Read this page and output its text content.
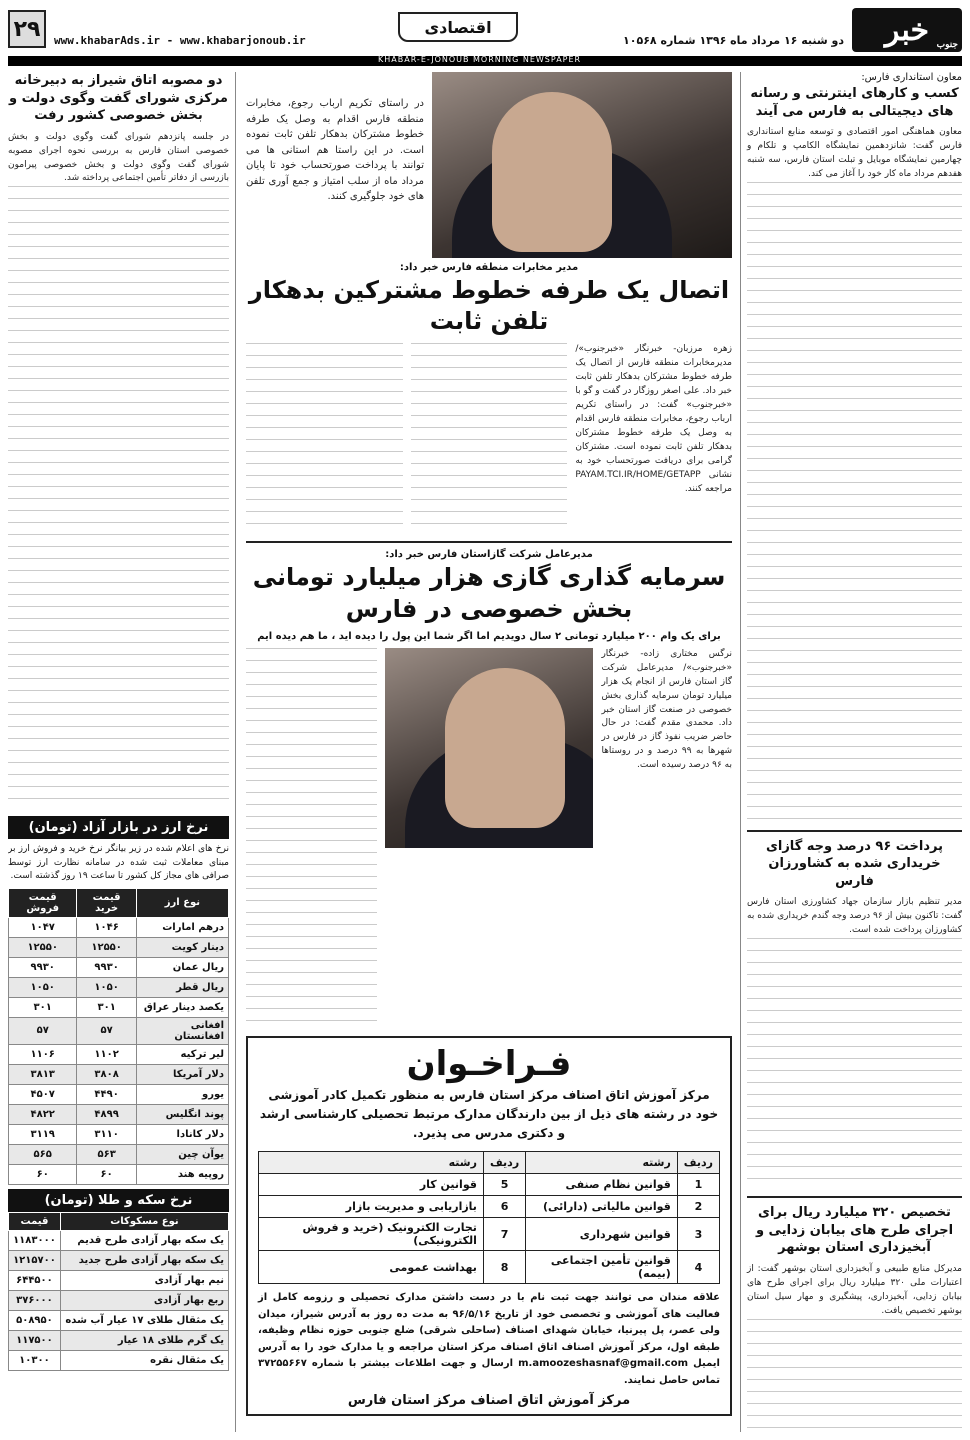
۲۹	www.khabarAds.ir - www.khabarjonoub.ir
اقتصادی
دو شنبه ۱۶ مرداد ماه ۱۳۹۶ شماره ۱۰۵۶۸ خبر جنوب
KHABAR-E-JONOUB MORNING NEWSPAPER
معاون استانداری فارس:
کسب و کارهای اینترنتی و رسانه های دیجیتالی به فارس می آیند
معاون هماهنگی امور اقتصادی و توسعه منابع استانداری فارس گفت: شانزدهمین نمایشگاه الکامپ و تلکام و چهارمین نمایشگاه موبایل و تبلت استان فارس، سه شنبه هفدهم مرداد ماه کار خود را آغاز می کند.
پرداخت ۹۶ درصد وجه گازای خریداری شده به کشاورزان فارس
مدیر تنظیم بازار سازمان جهاد کشاورزی استان فارس گفت: تاکنون بیش از ۹۶ درصد وجه گندم خریداری شده به کشاورزان پرداخت شده است.
تخصیص ۳۲۰ میلیارد ریال برای اجرای طرح های بیابان زدایی و آبخیزداری استان بوشهر
مدیرکل منابع طبیعی و آبخیزداری استان بوشهر گفت: از اعتبارات ملی ۳۲۰ میلیارد ریال برای اجرای طرح های بیابان زدایی، آبخیزداری، پیشگیری و مهار سیل استان بوشهر تخصیص یافت.
دو مصوبه اتاق شیراز به دبیرخانه مرکزی شورای گفت وگوی دولت و بخش خصوصی کشور رفت
در جلسه پانزدهم شورای گفت وگوی دولت و بخش خصوصی استان فارس به بررسی نحوه اجرای مصوبه شورای گفت وگوی دولت و بخش خصوصی پیرامون بازرسی از دفاتر تأمین اجتماعی پرداخته شد.
نرخ ارز در بازار آزاد (تومان)
نرخ های اعلام شده در زیر بیانگر نرخ خرید و فروش ارز بر مبنای معاملات ثبت شده در سامانه نظارت ارز توسط صرافی های مجاز کل کشور تا ساعت ۱۹ روز گذشته است.
نوع ارز	قیمت خرید	قیمت فروش
درهم امارات	۱۰۴۶	۱۰۴۷
دینار کویت	۱۲۵۵۰	۱۲۵۵۰
ریال عمان	۹۹۳۰	۹۹۳۰
ریال قطر	۱۰۵۰	۱۰۵۰
یکصد دینار عراق	۳۰۱	۳۰۱
افغانی افغانستان	۵۷	۵۷
لیر ترکیه	۱۱۰۲	۱۱۰۶
دلار آمریکا	۳۸۰۸	۳۸۱۳
یورو	۴۴۹۰	۴۵۰۷
پوند انگلیس	۴۸۹۹	۴۸۲۲
دلار کانادا	۳۱۱۰	۳۱۱۹
یوآن چین	۵۶۳	۵۶۵
روپیه هند	۶۰	۶۰
نرخ سکه و طلا (تومان)
نوع مسکوکات	قیمت
یک سکه بهار آزادی طرح قدیم	۱۱۸۳۰۰۰
یک سکه بهار آزادی طرح جدید	۱۲۱۵۷۰۰
نیم بهار آزادی	۶۴۴۵۰۰
ربع بهار آزادی	۳۷۶۰۰۰
یک مثقال طلای ۱۷ عیار آب شده	۵۰۸۹۵۰
یک گرم طلای ۱۸ عیار	۱۱۷۵۰۰
یک مثقال نقره	۱۰۳۰۰
در راستای تکریم ارباب رجوع، مخابرات منطقه فارس اقدام به وصل یک طرفه خطوط مشترکان بدهکار تلفن ثابت نموده است. در این راستا هم استانی ها می توانند با پرداخت صورتحساب خود تا پایان مرداد ماه از سلب امتیاز و جمع آوری تلفن های خود جلوگیری کنند.
مدیر مخابرات منطقه فارس خبر داد:
اتصال یک طرفه خطوط مشترکین بدهکار تلفن ثابت
زهره مرزبان- خبرنگار «خبرجنوب»/ مدیرمخابرات منطقه فارس از اتصال یک طرفه خطوط مشترکان بدهکار تلفن ثابت خبر داد. علی اصغر روزگار در گفت و گو با «خبرجنوب» گفت: در راستای تکریم ارباب رجوع، مخابرات منطقه فارس اقدام به وصل یک طرفه خطوط مشترکان بدهکار تلفن ثابت نموده است. مشترکان گرامی برای دریافت صورتحساب خود به نشانی PAYAM.TCI.IR/HOME/GETAPP مراجعه کنند.
مدیرعامل شرکت گازاستان فارس خبر داد:
سرمایه گذاری گازی هزار میلیارد تومانی بخش خصوصی در فارس
برای یک وام ۲۰۰ میلیارد تومانی ۲ سال دویدیم اما اگر شما این پول را دیده اید ، ما هم دیده ایم
نرگس مختاری زاده- خبرنگار «خبرجنوب»/ مدیرعامل شرکت گاز استان فارس از انجام یک هزار میلیارد تومان سرمایه گذاری بخش خصوصی در صنعت گاز استان خبر داد. محمدی مقدم گفت: در حال حاضر ضریب نفوذ گاز در فارس در شهرها به ۹۹ درصد و در روستاها به ۹۶ درصد رسیده است.
فـراخـوان
مرکز آموزش اتاق اصناف مرکز استان فارس به منظور تکمیل کادر آموزشی خود در رشته های ذیل از بین دارندگان مدارک مرتبط تحصیلی کارشناسی ارشد و دکتری مدرس می پذیرد.
ردیف	رشته	ردیف	رشته
1	قوانین نظام صنفی	5	قوانین کار
2	قوانین مالیاتی (دارائی)	6	بازاریابی و مدیریت بازار
3	قوانین شهرداری	7	تجارت الکترونیک (خرید و فروش الکترونیکی)
4	قوانین تأمین اجتماعی (بیمه)	8	بهداشت عمومی
علاقه مندان می توانند جهت ثبت نام با در دست داشتن مدارک تحصیلی و رزومه کامل از فعالیت های آموزشی و تخصصی خود از تاریخ ۹۶/۵/۱۶ به مدت ده روز به آدرس شیراز، میدان ولی عصر، پل پیرنیا، خیابان شهدای اصناف (ساحلی شرقی) ضلع جنوبی حوزه نظام وظیفه، طبقه اول، مرکز آموزش اصناف اتاق اصناف مرکز استان مراجعه و یا مدارک خود را به آدرس ایمیل m.amoozeshasnaf@gmail.com ارسال و جهت اطلاعات بیشتر با شماره ۳۷۲۵۵۶۶۷ تماس حاصل نمایند.
مرکز آموزش اتاق اصناف مرکز استان فارس
